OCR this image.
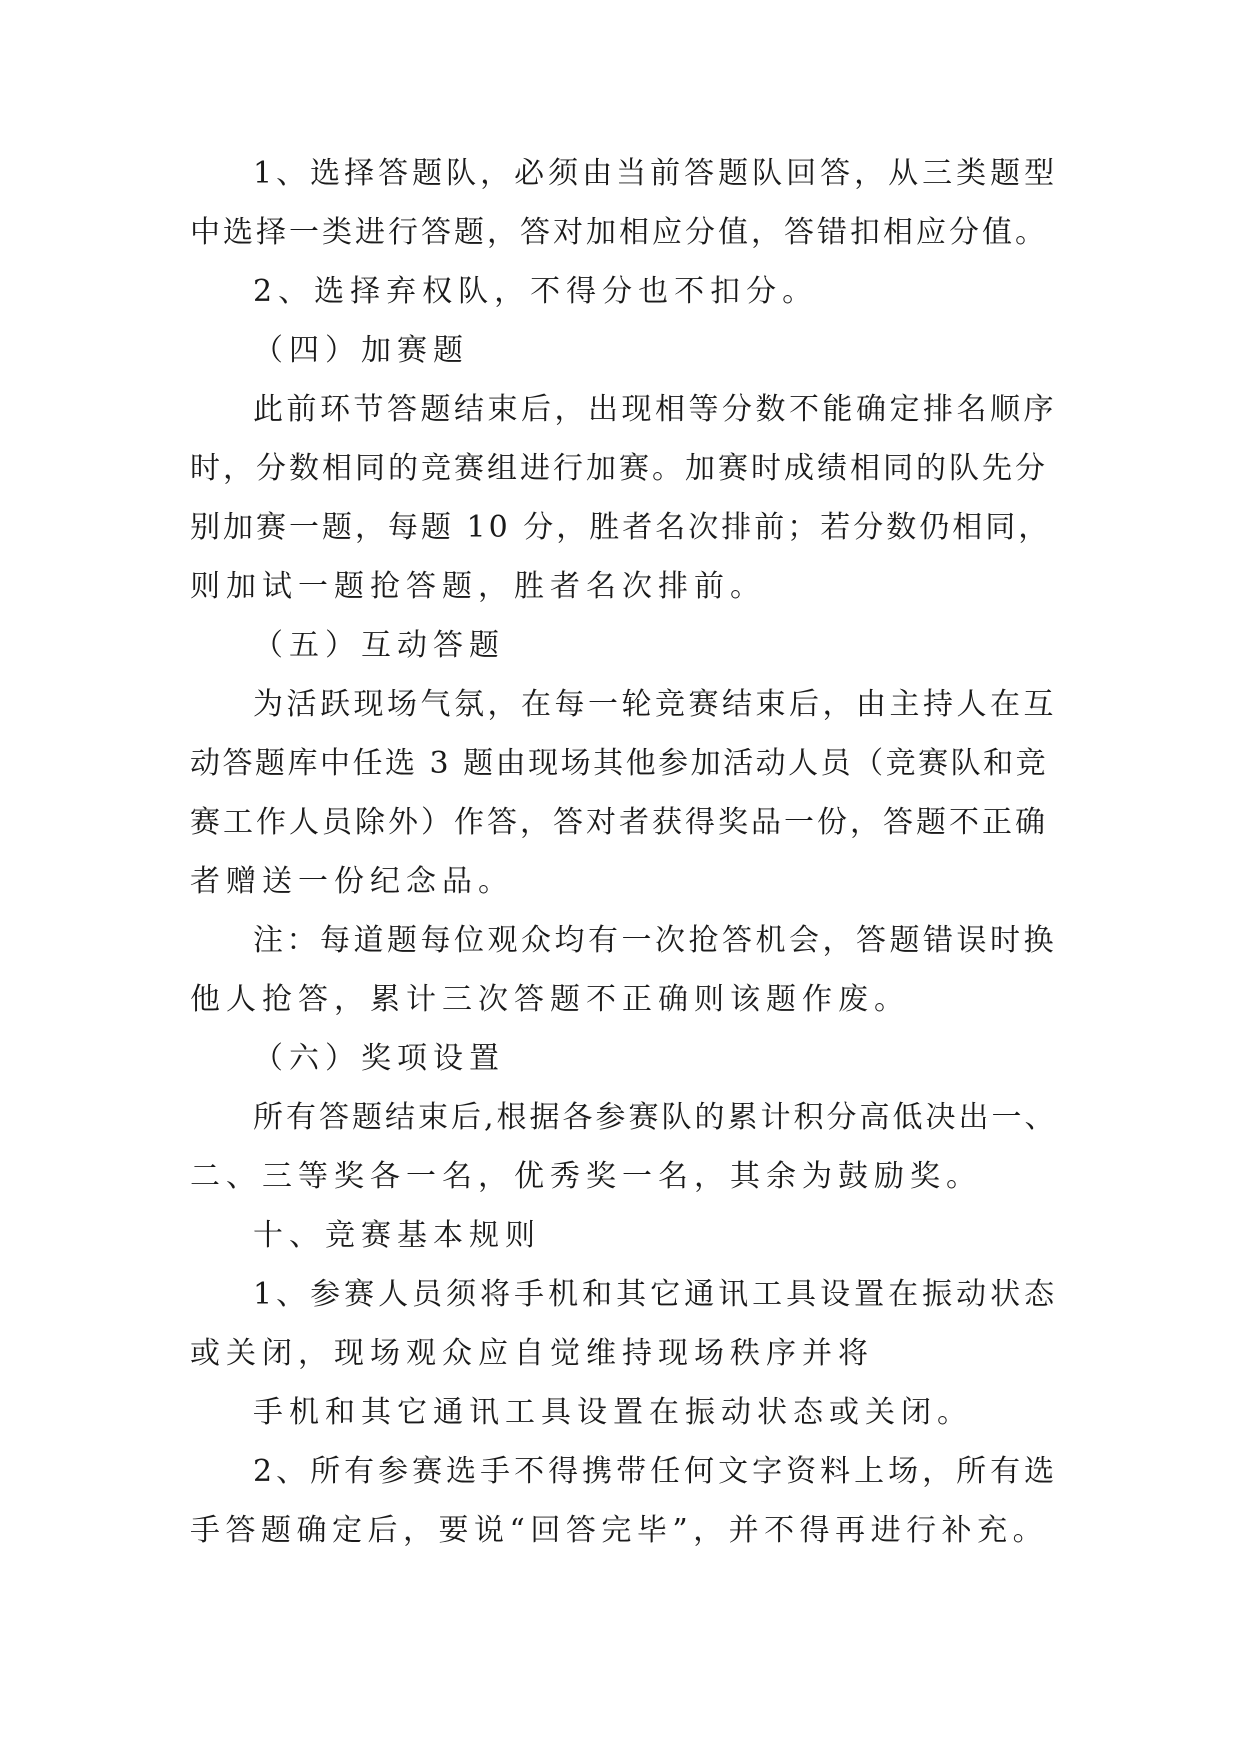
1、选择答题队，必须由当前答题队回答，从三类题型
中选择一类进行答题，答对加相应分值，答错扣相应分值。
2、选择弃权队，不得分也不扣分。
（四）加赛题
此前环节答题结束后，出现相等分数不能确定排名顺序
时，分数相同的竞赛组进行加赛。加赛时成绩相同的队先分
别加赛一题，每题 10 分，胜者名次排前；若分数仍相同，
则加试一题抢答题，胜者名次排前。
（五）互动答题
为活跃现场气氛，在每一轮竞赛结束后，由主持人在互
动答题库中任选 3 题由现场其他参加活动人员（竞赛队和竞
赛工作人员除外）作答，答对者获得奖品一份，答题不正确
者赠送一份纪念品。
注：每道题每位观众均有一次抢答机会，答题错误时换
他人抢答，累计三次答题不正确则该题作废。
（六）奖项设置
所有答题结束后,根据各参赛队的累计积分高低决出一、
二、三等奖各一名，优秀奖一名，其余为鼓励奖。
十、竞赛基本规则
1、参赛人员须将手机和其它通讯工具设置在振动状态
或关闭，现场观众应自觉维持现场秩序并将
手机和其它通讯工具设置在振动状态或关闭。
2、所有参赛选手不得携带任何文字资料上场，所有选
手答题确定后，要说“回答完毕”，并不得再进行补充。
